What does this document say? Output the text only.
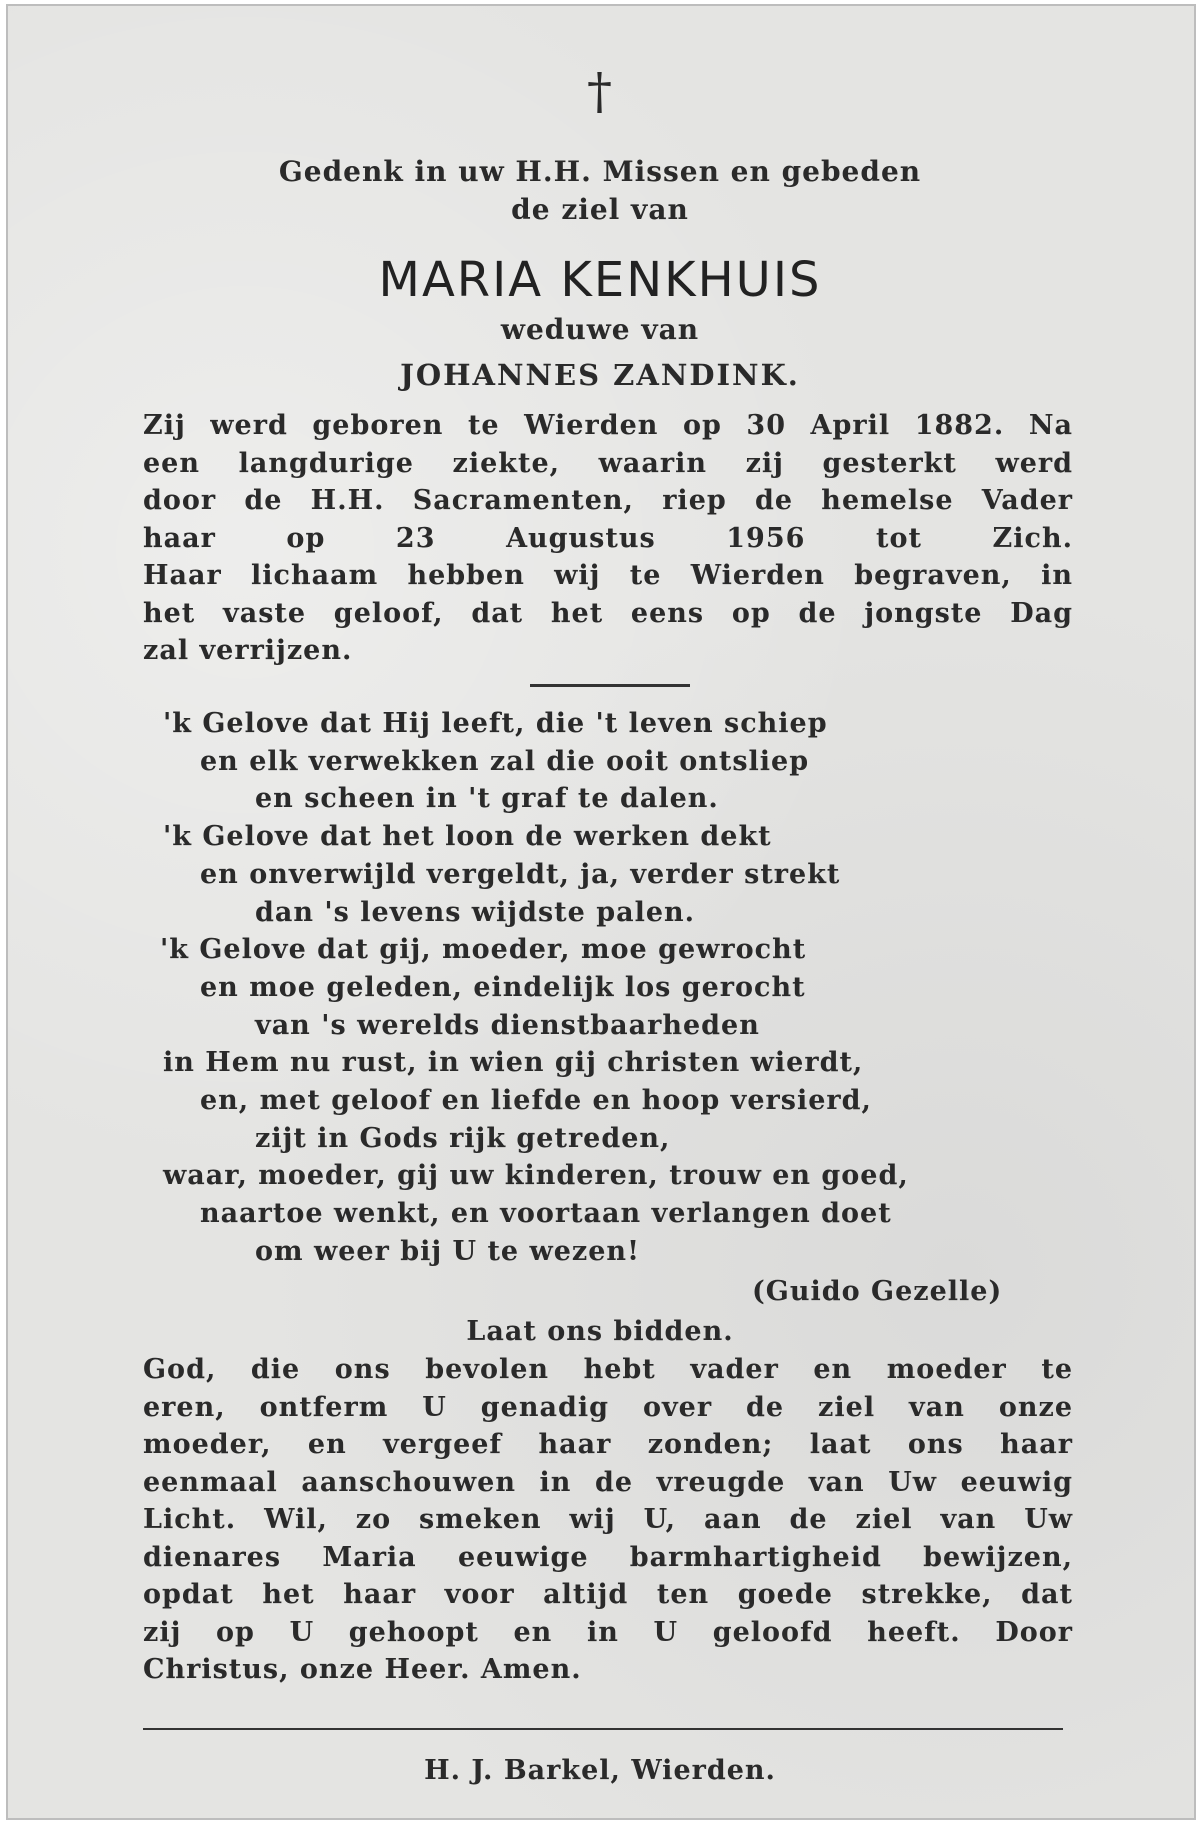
†
Gedenk in uw H.H. Missen en gebeden
de ziel van
MARIA KENKHUIS
weduwe van
JOHANNES ZANDINK.
Zij werd geboren te Wierden op 30 April 1882. Na
een langdurige ziekte, waarin zij gesterkt werd
door de H.H. Sacramenten, riep de hemelse Vader
haar op 23 Augustus 1956 tot Zich.
Haar lichaam hebben wij te Wierden begraven, in
het vaste geloof, dat het eens op de jongste Dag
zal verrijzen.
'k Gelove dat Hij leeft, die 't leven schiep
en elk verwekken zal die ooit ontsliep
en scheen in 't graf te dalen.
'k Gelove dat het loon de werken dekt
en onverwijld vergeldt, ja, verder strekt
dan 's levens wijdste palen.
'k Gelove dat gij, moeder, moe gewrocht
en moe geleden, eindelijk los gerocht
van 's werelds dienstbaarheden
in Hem nu rust, in wien gij christen wierdt,
en, met geloof en liefde en hoop versierd,
zijt in Gods rijk getreden,
waar, moeder, gij uw kinderen, trouw en goed,
naartoe wenkt, en voortaan verlangen doet
om weer bij U te wezen!
(Guido Gezelle)
Laat ons bidden.
God, die ons bevolen hebt vader en moeder te
eren, ontferm U genadig over de ziel van onze
moeder, en vergeef haar zonden; laat ons haar
eenmaal aanschouwen in de vreugde van Uw eeuwig
Licht. Wil, zo smeken wij U, aan de ziel van Uw
dienares Maria eeuwige barmhartigheid bewijzen,
opdat het haar voor altijd ten goede strekke, dat
zij op U gehoopt en in U geloofd heeft. Door
Christus, onze Heer. Amen.
H. J. Barkel, Wierden.
